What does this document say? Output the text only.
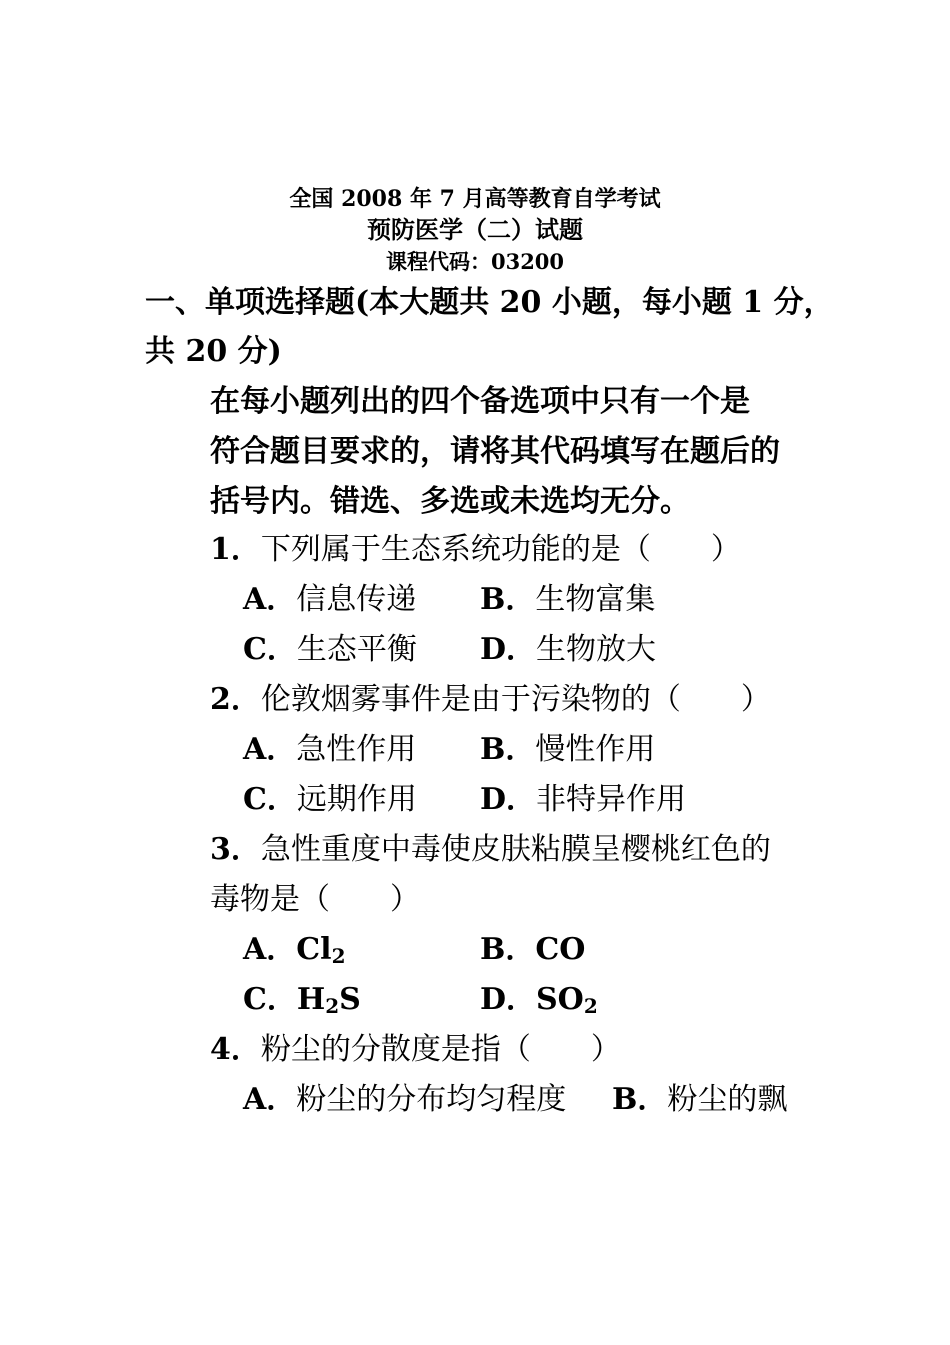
全国 2008 年 7 月高等教育自学考试
预防医学（二）试题
课程代码：03200
一、单项选择题(本大题共 20 小题，每小题 1 分，
共 20 分)
在每小题列出的四个备选项中只有一个是
符合题目要求的，请将其代码填写在题后的
括号内。错选、多选或未选均无分。
1．下列属于生态系统功能的是（　　）
A．信息传递 B．生物富集
C．生态平衡 D．生物放大
2．伦敦烟雾事件是由于污染物的（　　）
A．急性作用 B．慢性作用
C．远期作用 D．非特异作用
3．急性重度中毒使皮肤粘膜呈樱桃红色的
毒物是（　　）
A．$Cl_2$	B．CO
C．$H_2S$	D．$SO_2$
4．粉尘的分散度是指（　　）
A．粉尘的分布均匀程度 B．粉尘的飘
